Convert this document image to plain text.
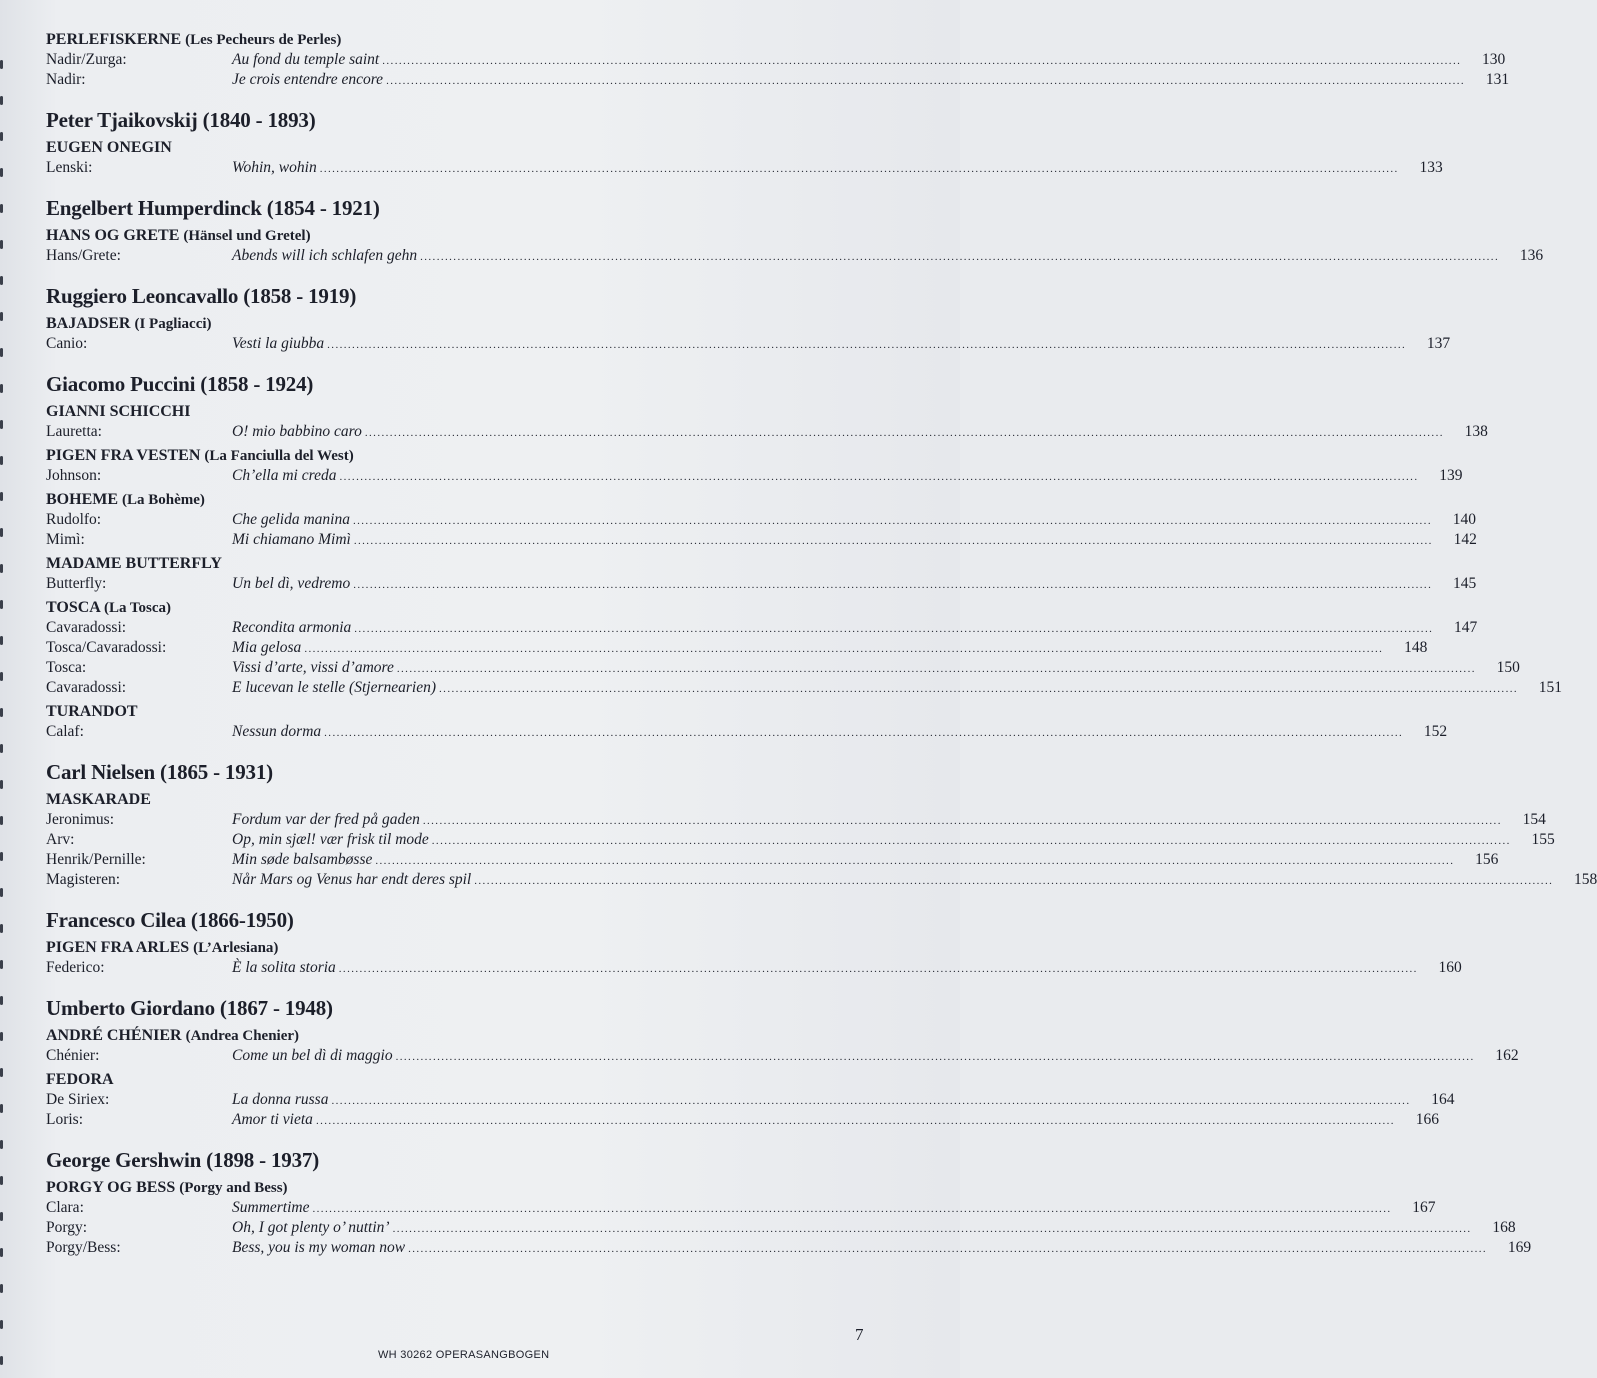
PERLEFISKERNE (Les Pecheurs de Perles)
Nadir/Zurga:	Au fond du temple saint ....................................................................................................................................................................................................................................................................	130
Nadir:	Je crois entendre encore ....................................................................................................................................................................................................................................................................	131
Peter Tjaikovskij (1840 - 1893)
EUGEN ONEGIN
Lenski:	Wohin, wohin ....................................................................................................................................................................................................................................................................	133
Engelbert Humperdinck (1854 - 1921)
HANS OG GRETE (Hänsel und Gretel)
Hans/Grete:	Abends will ich schlafen gehn ....................................................................................................................................................................................................................................................................	136
Ruggiero Leoncavallo (1858 - 1919)
BAJADSER (I Pagliacci)
Canio:	Vesti la giubba ....................................................................................................................................................................................................................................................................	137
Giacomo Puccini (1858 - 1924)
GIANNI SCHICCHI
Lauretta:	O! mio babbino caro ....................................................................................................................................................................................................................................................................	138
PIGEN FRA VESTEN (La Fanciulla del West)
Johnson:	Ch’ella mi creda ....................................................................................................................................................................................................................................................................	139
BOHEME (La Bohème)
Rudolfo:	Che gelida manina ....................................................................................................................................................................................................................................................................	140
Mimì:	Mi chiamano Mimì ....................................................................................................................................................................................................................................................................	142
MADAME BUTTERFLY
Butterfly:	Un bel dì, vedremo ....................................................................................................................................................................................................................................................................	145
TOSCA (La Tosca)
Cavaradossi:	Recondita armonia ....................................................................................................................................................................................................................................................................	147
Tosca/Cavaradossi:	Mia gelosa ....................................................................................................................................................................................................................................................................	148
Tosca:	Vissi d’arte, vissi d’amore ....................................................................................................................................................................................................................................................................	150
Cavaradossi:	E lucevan le stelle (Stjernearien) ....................................................................................................................................................................................................................................................................	151
TURANDOT
Calaf:	Nessun dorma ....................................................................................................................................................................................................................................................................	152
Carl Nielsen (1865 - 1931)
MASKARADE
Jeronimus:	Fordum var der fred på gaden ....................................................................................................................................................................................................................................................................	154
Arv:	Op, min sjæl! vær frisk til mode ....................................................................................................................................................................................................................................................................	155
Henrik/Pernille:	Min søde balsambøsse ....................................................................................................................................................................................................................................................................	156
Magisteren:	Når Mars og Venus har endt deres spil ....................................................................................................................................................................................................................................................................	158
Francesco Cilea (1866-1950)
PIGEN FRA ARLES (L’Arlesiana)
Federico:	È la solita storia ....................................................................................................................................................................................................................................................................	160
Umberto Giordano (1867 - 1948)
ANDRÉ CHÉNIER (Andrea Chenier)
Chénier:	Come un bel dì di maggio ....................................................................................................................................................................................................................................................................	162
FEDORA
De Siriex:	La donna russa ....................................................................................................................................................................................................................................................................	164
Loris:	Amor ti vieta ....................................................................................................................................................................................................................................................................	166
George Gershwin (1898 - 1937)
PORGY OG BESS (Porgy and Bess)
Clara:	Summertime ....................................................................................................................................................................................................................................................................	167
Porgy:	Oh, I got plenty o’ nuttin’ ....................................................................................................................................................................................................................................................................	168
Porgy/Bess:	Bess, you is my woman now ....................................................................................................................................................................................................................................................................	169
7
WH 30262 OPERASANGBOGEN
